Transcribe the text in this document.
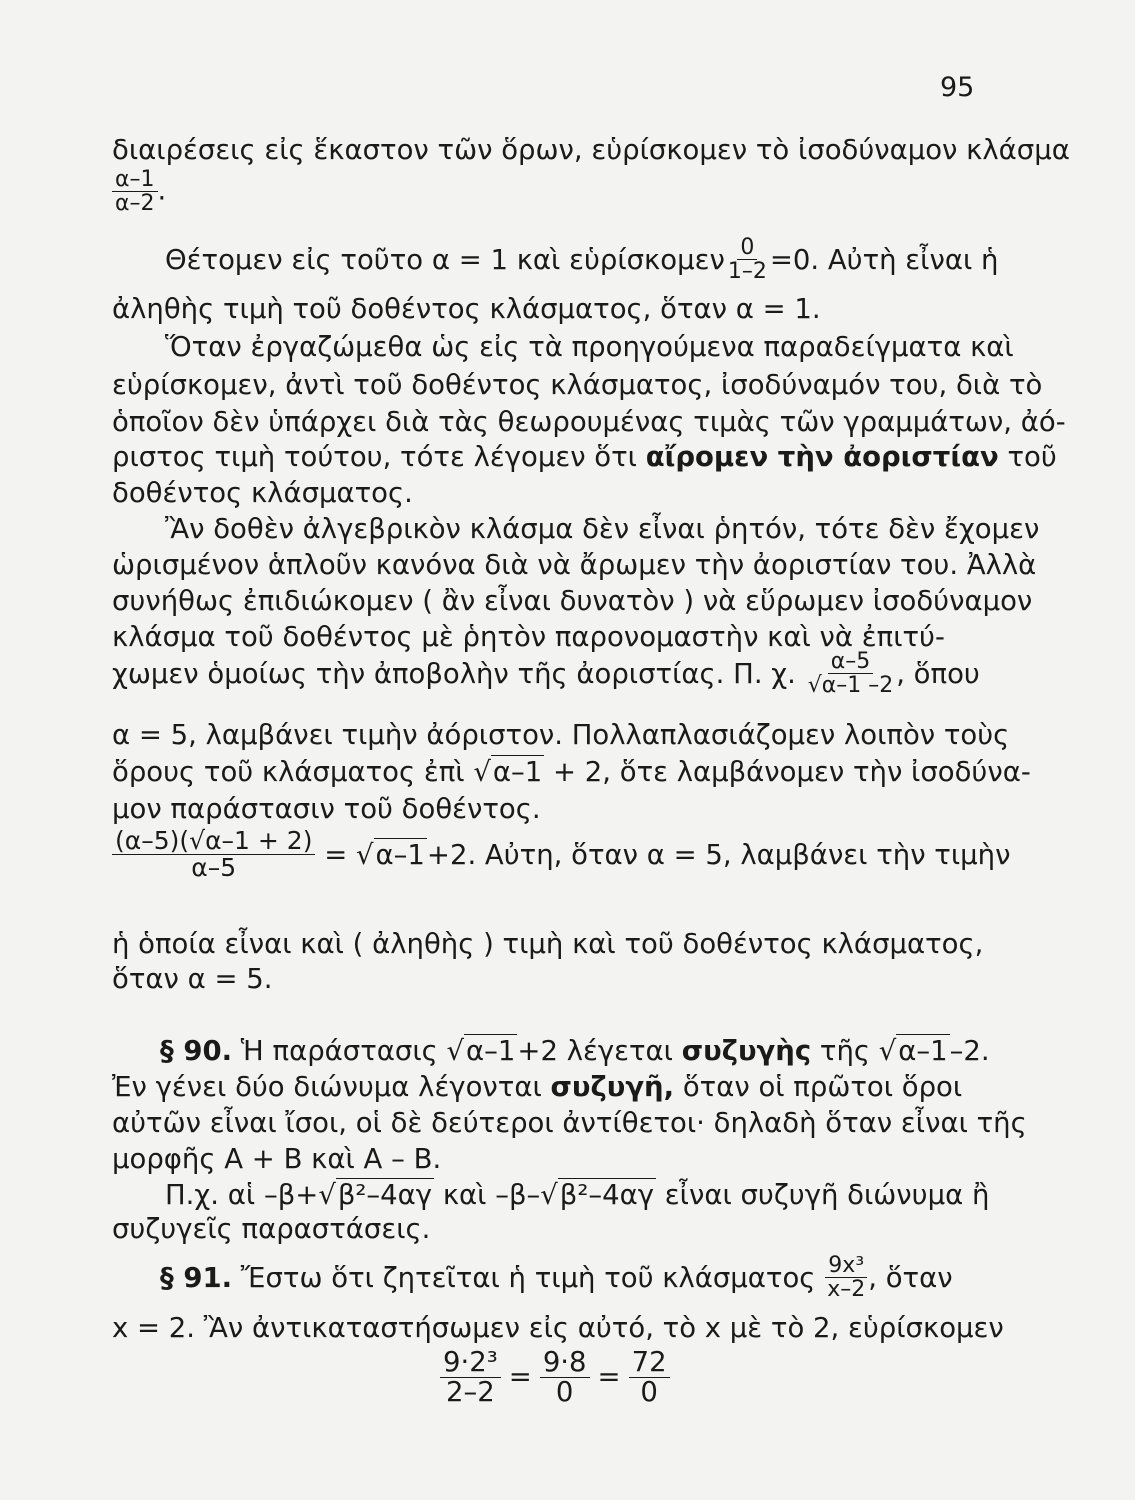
95
διαιρέσεις εἰς ἕκαστον τῶν ὅρων, εὑρίσκομεν τὸ ἰσοδύναμον κλάσμα
$\frac{\alpha-1}{\alpha-2}$ .
Θέτομεν εἰς τοῦτο α = 1 καὶ εὑρίσκομεν $\frac{0}{1-2} =0$. Αὐτὴ εἶναι ἡ
ἀληθὴς τιμὴ τοῦ δοθέντος κλάσματος, ὅταν α = 1.
Ὅταν ἐργαζώμεθα ὡς εἰς τὰ προηγούμενα παραδείγματα καὶ
εὑρίσκομεν, ἀντὶ τοῦ δοθέντος κλάσματος, ἰσοδύναμόν του, διὰ τὸ
ὁποῖον δὲν ὑπάρχει διὰ τὰς θεωρουμένας τιμὰς τῶν γραμμάτων, ἀό-
ριστος τιμὴ τούτου, τότε λέγομεν ὅτι αἴρομεν τὴν ἀοριστίαν τοῦ
δοθέντος κλάσματος.
Ἂν δοθὲν ἀλγεβρικὸν κλάσμα δὲν εἶναι ῥητόν, τότε δὲν ἔχομεν
ὡρισμένον ἁπλοῦν κανόνα διὰ νὰ ἄρωμεν τὴν ἀοριστίαν του. Ἀλλὰ
συνήθως ἐπιδιώκομεν ( ἂν εἶναι δυνατὸν ) νὰ εὕρωμεν ἰσοδύναμον
κλάσμα τοῦ δοθέντος μὲ ῥητὸν παρονομαστὴν καὶ νὰ ἐπιτύ-
χωμεν ὁμοίως τὴν ἀποβολὴν τῆς ἀοριστίας. Π. χ.
$\frac{\alpha-5}{√\alpha-1 -2}$ , ὅπου
α = 5, λαμβάνει τιμὴν ἀόριστον. Πολλαπλασιάζομεν λοιπὸν τοὺς
ὅρους τοῦ κλάσματος ἐπὶ √α–1 + 2, ὅτε λαμβάνομεν τὴν ἰσοδύνα-
μον παράστασιν τοῦ δοθέντος.
$\frac{(\alpha-5)(√\alpha-1 + 2)}{\alpha-5}$
= √ α–1 +2. Αὐτη, ὅταν α = 5, λαμβάνει τὴν τιμὴν
ἡ ὁποία εἶναι καὶ ( ἀληθὴς ) τιμὴ καὶ τοῦ δοθέντος κλάσματος,
ὅταν α = 5.
§ 90. Ἡ παράστασις √α–1+2 λέγεται συζυγὴς τῆς √α–1–2.
Ἐν γένει δύο διώνυμα λέγονται συζυγῆ, ὅταν οἱ πρῶτοι ὅροι
αὐτῶν εἶναι ἴσοι, οἱ δὲ δεύτεροι ἀντίθετοι· δηλαδὴ ὅταν εἶναι τῆς
μορφῆς Α + Β καὶ Α – Β.
Π.χ. αἱ –β+√β²–4αγ καὶ –β–√β²–4αγ εἶναι συζυγῆ διώνυμα ἢ
συζυγεῖς παραστάσεις.
§ 91.
Ἔστω ὅτι ζητεῖται ἡ τιμὴ τοῦ κλάσματος
$\frac{\text{9x³}}{x-2}$ , ὅταν
x = 2. Ἂν ἀντικαταστήσωμεν εἰς αὐτό, τὸ x μὲ τὸ 2, εὑρίσκομεν
$\frac{\text{9·2³}}{2-2} = \frac{9\cdot 8}{0} = \frac{72}{0}$
